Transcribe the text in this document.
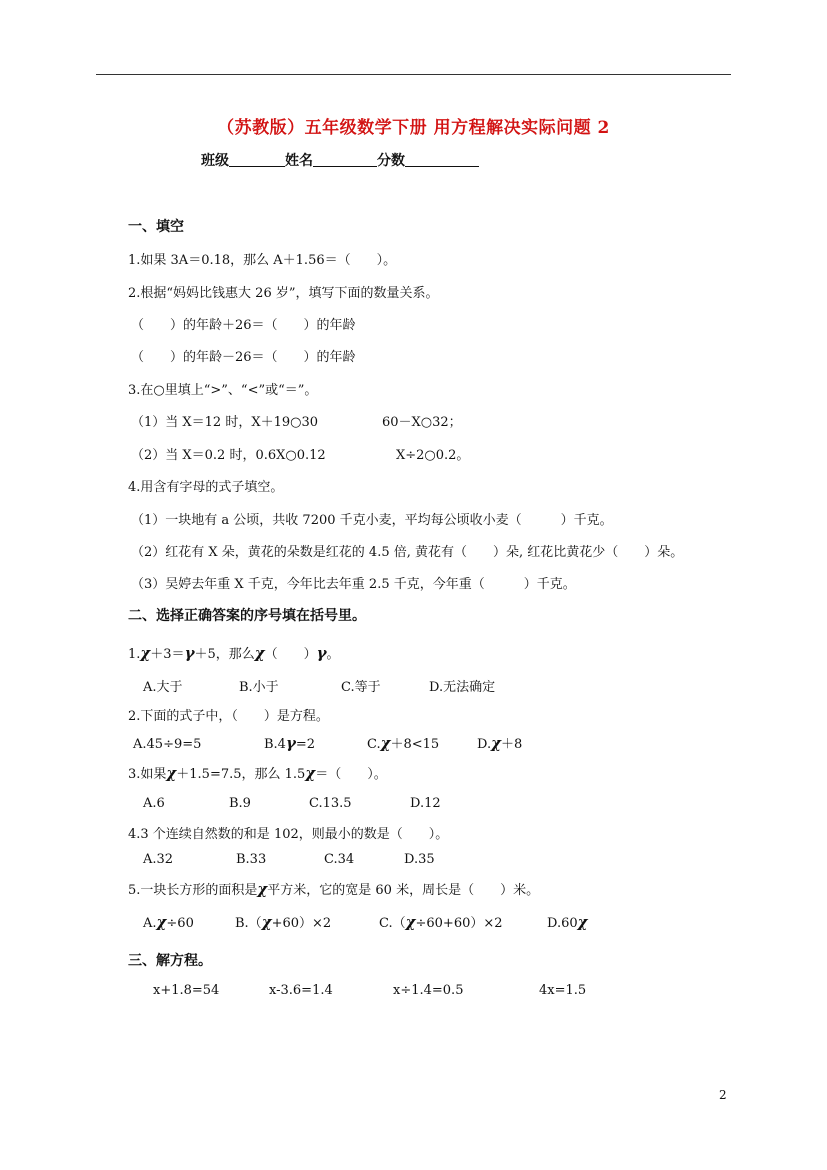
（苏教版）五年级数学下册 用方程解决实际问题 2
班级	姓名	分数
一、填空
1.如果 3A＝0.18，那么 A＋1.56＝（　　）。
2.根据“妈妈比钱惠大 26 岁”，填写下面的数量关系。
（　　）的年龄＋26＝（　　）的年龄
（　　）的年龄－26＝（　　）的年龄
3.在○里填上“>”、“<”或“＝”。
（1）当 X＝12 时，X＋19○30	60－X○32；
（2）当 X＝0.2 时，0.6X○0.12	X÷2○0.2。
4.用含有字母的式子填空。
（1）一块地有 a 公顷，共收 7200 千克小麦，平均每公顷收小麦（　　　）千克。
（2）红花有 X 朵，黄花的朵数是红花的 4.5 倍, 黄花有（　　）朵, 红花比黄花少（　　）朵。
（3）吴婷去年重 X 千克，今年比去年重 2.5 千克，今年重（　　　）千克。
二、选择正确答案的序号填在括号里。
1.χ＋3＝γ＋5，那么χ（　　）γ。
A.大于	B.小于	C.等于	D.无法确定
2.下面的式子中，（　　）是方程。
A.45÷9=5	B.4γ=2	C.χ＋8<15	D.χ＋8
3.如果χ＋1.5=7.5，那么 1.5χ＝（　　）。
A.6	B.9	C.13.5	D.12
4.3 个连续自然数的和是 102，则最小的数是（　　）。
A.32	B.33	C.34	D.35
5.一块长方形的面积是χ平方米，它的宽是 60 米，周长是（　　）米。
A.χ÷60	B.（χ+60）×2	C.（χ÷60+60）×2	D.60χ
三、解方程。
x+1.8=54	x-3.6=1.4	x÷1.4=0.5	4x=1.5
2
